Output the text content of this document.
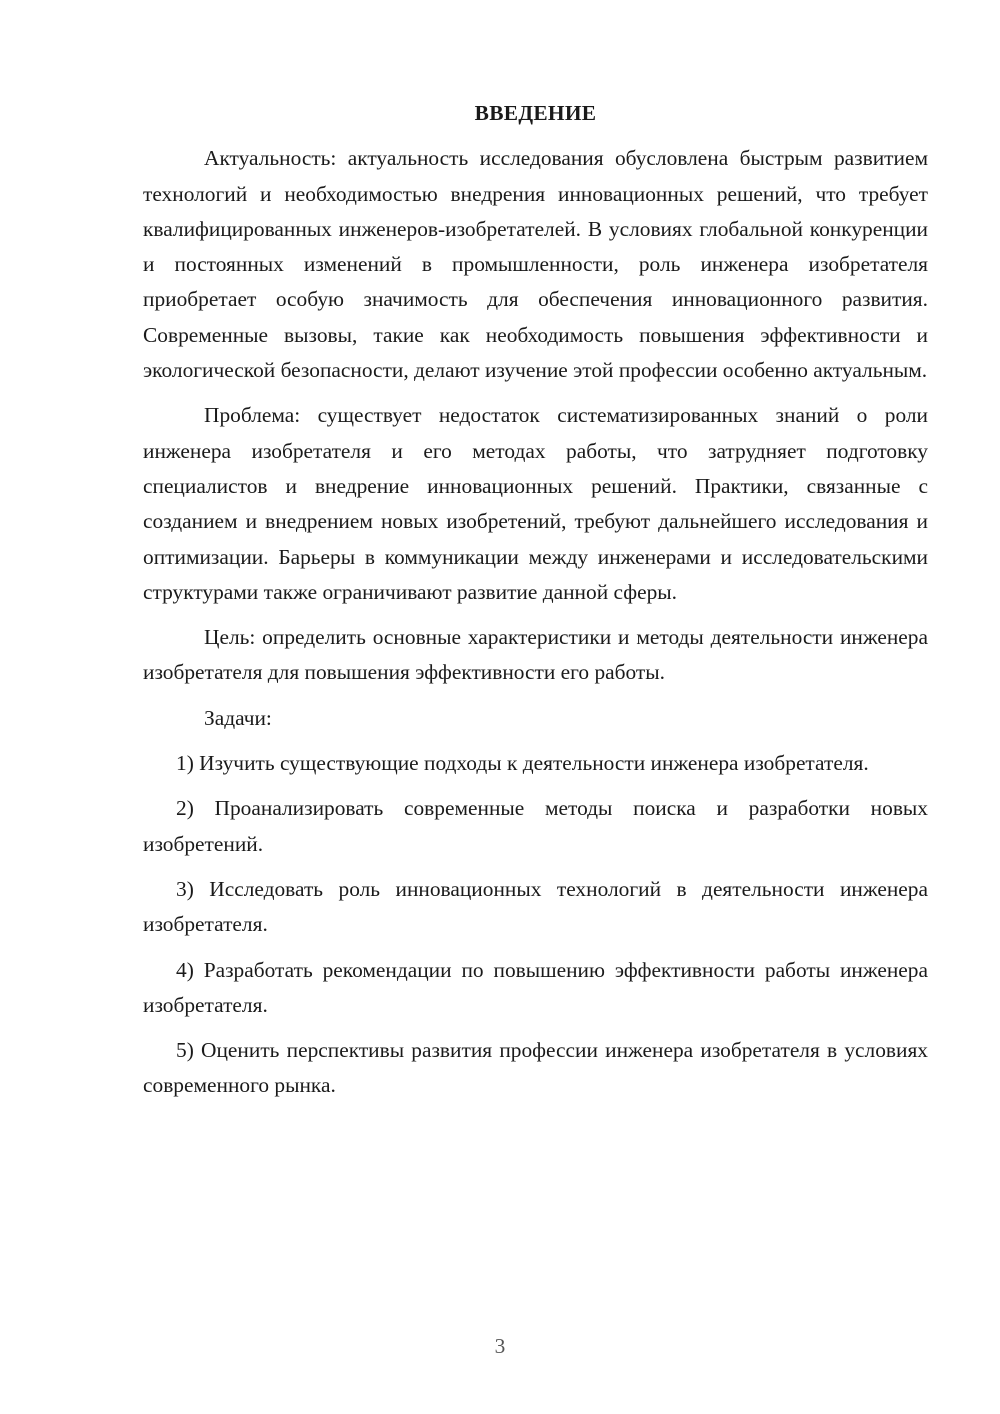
ВВЕДЕНИЕ

Актуальность: актуальность исследования обусловлена быстрым развитием технологий и необходимостью внедрения инновационных решений, что требует квалифицированных инженеров-изобретателей. В условиях глобальной конкуренции и постоянных изменений в промышленности, роль инженера изобретателя приобретает особую значимость для обеспечения инновационного развития. Современные вызовы, такие как необходимость повышения эффективности и экологической безопасности, делают изучение этой профессии особенно актуальным.

Проблема: существует недостаток систематизированных знаний о роли инженера изобретателя и его методах работы, что затрудняет подготовку специалистов и внедрение инновационных решений. Практики, связанные с созданием и внедрением новых изобретений, требуют дальнейшего исследования и оптимизации. Барьеры в коммуникации между инженерами и исследовательскими структурами также ограничивают развитие данной сферы.

Цель: определить основные характеристики и методы деятельности инженера изобретателя для повышения эффективности его работы.

Задачи:

1) Изучить существующие подходы к деятельности инженера изобретателя.

2) Проанализировать современные методы поиска и разработки новых изобретений.

3) Исследовать роль инновационных технологий в деятельности инженера изобретателя.

4) Разработать рекомендации по повышению эффективности работы инженера изобретателя.

5) Оценить перспективы развития профессии инженера изобретателя в условиях современного рынка.

3
